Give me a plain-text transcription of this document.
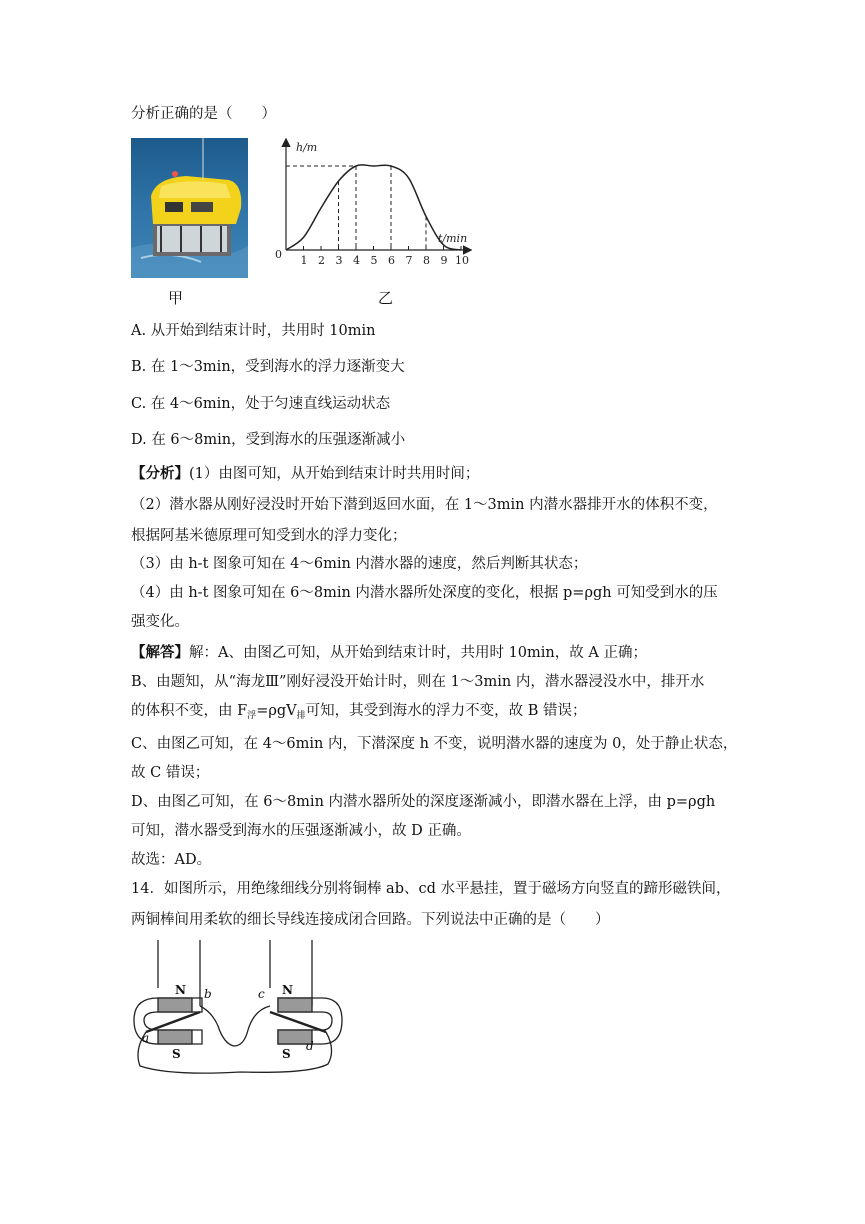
分析正确的是（　　）
甲
h/m
t/min
0 1 2 3 4 5 6 7 8 9 10
乙
A. 从开始到结束计时，共用时 10min
B. 在 1～3min，受到海水的浮力逐渐变大
C. 在 4～6min，处于匀速直线运动状态
D. 在 6～8min，受到海水的压强逐渐减小
【分析】(1）由图可知，从开始到结束计时共用时间；
（2）潜水器从刚好浸没时开始下潜到返回水面，在 1～3min 内潜水器排开水的体积不变，
根据阿基米德原理可知受到水的浮力变化；
（3）由 h-t 图象可知在 4～6min 内潜水器的速度，然后判断其状态；
（4）由 h-t 图象可知在 6～8min 内潜水器所处深度的变化，根据 p=ρgh 可知受到水的压
强变化。
【解答】解：A、由图乙可知，从开始到结束计时，共用时 10min，故 A 正确；
B、由题知，从“海龙Ⅲ”刚好浸没开始计时，则在 1～3min 内，潜水器浸没水中，排开水
的体积不变，由 $F_浮=\rho gV_排$可知，其受到海水的浮力不变，故 B 错误；
C、由图乙可知，在 4～6min 内，下潜深度 h 不变，说明潜水器的速度为 0，处于静止状态，
故 C 错误；
D、由图乙可知，在 6～8min 内潜水器所处的深度逐渐减小，即潜水器在上浮，由 p=ρgh
可知，潜水器受到海水的压强逐渐减小，故 D 正确。
故选：AD。
14．如图所示，用绝缘细线分别将铜棒 ab、cd 水平悬挂，置于磁场方向竖直的蹄形磁铁间，
两铜棒间用柔软的细长导线连接成闭合回路。下列说法中正确的是（　　）
N
S
N
S
a
b	c
d
